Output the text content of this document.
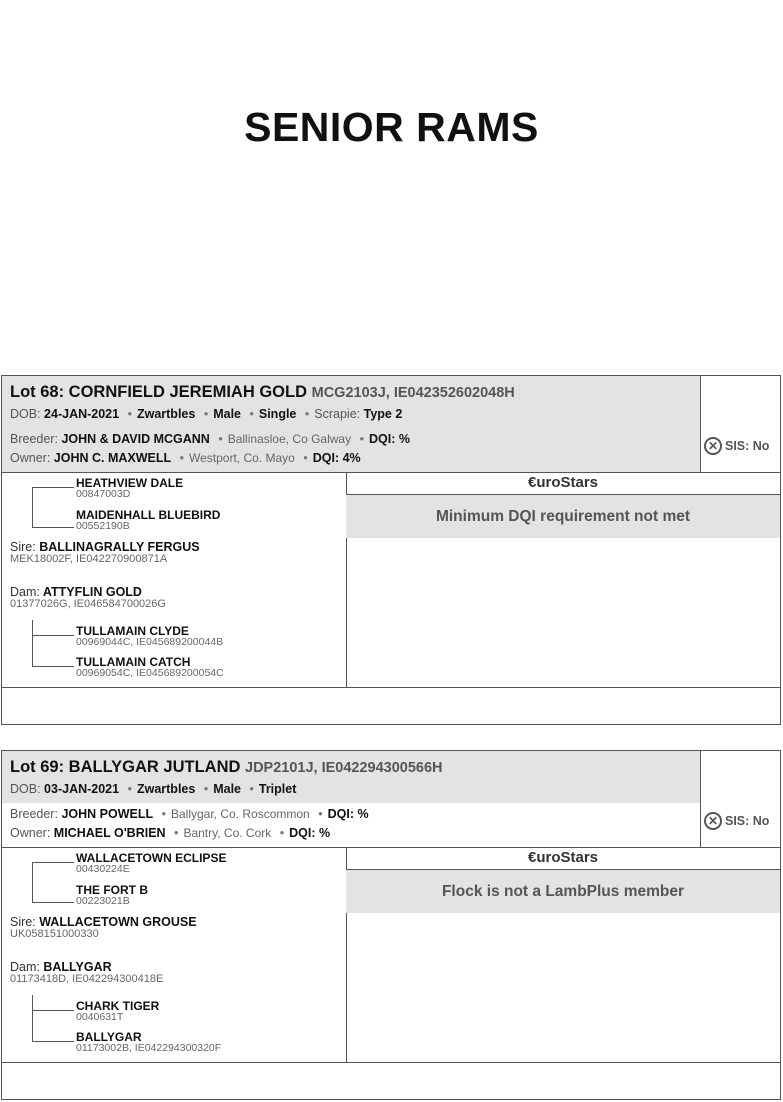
SENIOR RAMS
Lot 68: CORNFIELD JEREMIAH GOLD MCG2103J, IE042352602048H
DOB: 24-JAN-2021 • Zwartbles • Male • Single • Scrapie: Type 2
Breeder: JOHN & DAVID MCGANN • Ballinasloe, Co Galway • DQI: %
Owner: JOHN C. MAXWELL • Westport, Co. Mayo • DQI: 4%
✕ SIS: No
HEATHVIEW DALE
00847003D
MAIDENHALL BLUEBIRD
00552190B
Sire: BALLINAGRALLY FERGUS
MEK18002F, IE042270900871A
Dam: ATTYFLIN GOLD
01377026G, IE046584700026G
TULLAMAIN CLYDE
00969044C, IE045689200044B
TULLAMAIN CATCH
00969054C, IE045689200054C
€uroStars
Minimum DQI requirement not met
Lot 69: BALLYGAR JUTLAND JDP2101J, IE042294300566H
DOB: 03-JAN-2021 • Zwartbles • Male • Triplet
Breeder: JOHN POWELL • Ballygar, Co. Roscommon • DQI: %
Owner: MICHAEL O'BRIEN • Bantry, Co. Cork • DQI: %
✕ SIS: No
WALLACETOWN ECLIPSE
00430224E
THE FORT B
00223021B
Sire: WALLACETOWN GROUSE
UK058151000330
Dam: BALLYGAR
01173418D, IE042294300418E
CHARK TIGER
0040631T
BALLYGAR
01173002B, IE042294300320F
€uroStars
Flock is not a LambPlus member
